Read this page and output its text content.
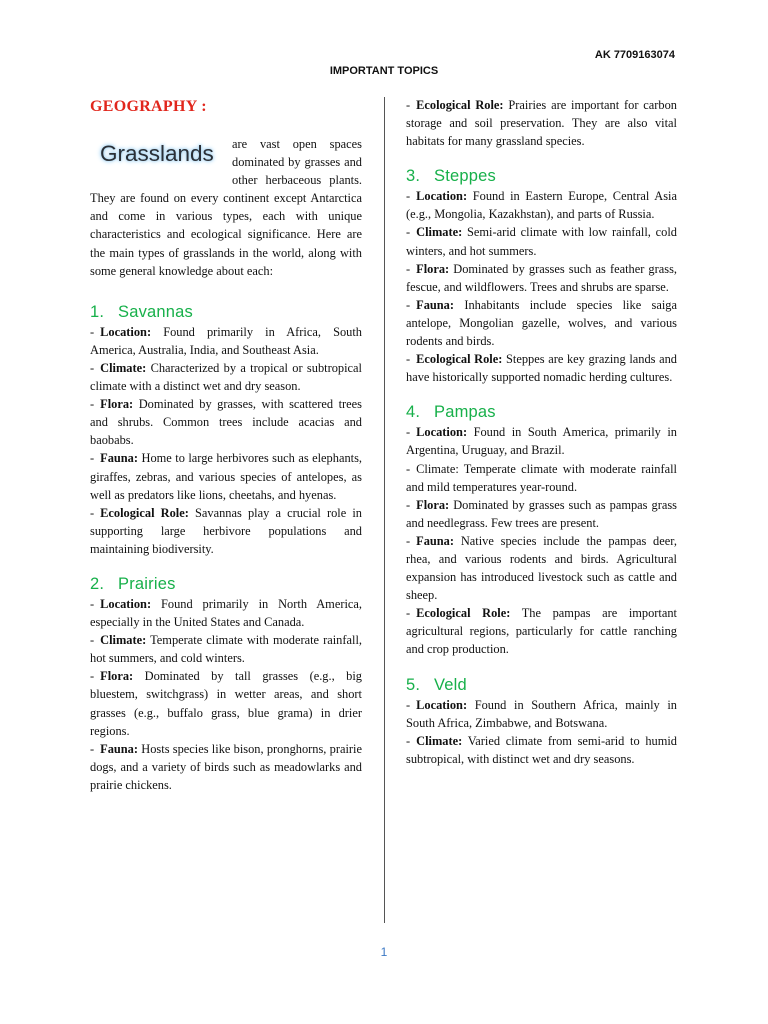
AK 7709163074
IMPORTANT TOPICS
GEOGRAPHY :
Grasslands	are vast open spaces dominated by grasses and other herbaceous plants. They are found on every continent except Antarctica and come in various types, each with unique characteristics and ecological significance. Here are the main types of grasslands in the world, along with some general knowledge about each:

1. Savannas

- Location: Found primarily in Africa, South America, Australia, India, and Southeast Asia.

- Climate: Characterized by a tropical or subtropical climate with a distinct wet and dry season.

- Flora: Dominated by grasses, with scattered trees and shrubs. Common trees include acacias and baobabs.

- Fauna: Home to large herbivores such as elephants, giraffes, zebras, and various species of antelopes, as well as predators like lions, cheetahs, and hyenas.

- Ecological Role: Savannas play a crucial role in supporting large herbivore populations and maintaining biodiversity.

2. Prairies

- Location: Found primarily in North America, especially in the United States and Canada.

- Climate: Temperate climate with moderate rainfall, hot summers, and cold winters.

- Flora: Dominated by tall grasses (e.g., big bluestem, switchgrass) in wetter areas, and short grasses (e.g., buffalo grass, blue grama) in drier regions.

- Fauna: Hosts species like bison, pronghorns, prairie dogs, and a variety of birds such as meadowlarks and prairie chickens.

- Ecological Role: Prairies are important for carbon storage and soil preservation. They are also vital habitats for many grassland species.

3. Steppes

- Location: Found in Eastern Europe, Central Asia (e.g., Mongolia, Kazakhstan), and parts of Russia.

- Climate: Semi-arid climate with low rainfall, cold winters, and hot summers.

- Flora: Dominated by grasses such as feather grass, fescue, and wildflowers. Trees and shrubs are sparse.

- Fauna: Inhabitants include species like saiga antelope, Mongolian gazelle, wolves, and various rodents and birds.

- Ecological Role: Steppes are key grazing lands and have historically supported nomadic herding cultures.

4. Pampas

- Location: Found in South America, primarily in Argentina, Uruguay, and Brazil.

- Climate: Temperate climate with moderate rainfall and mild temperatures year-round.

- Flora: Dominated by grasses such as pampas grass and needlegrass. Few trees are present.

- Fauna: Native species include the pampas deer, rhea, and various rodents and birds. Agricultural expansion has introduced livestock such as cattle and sheep.

- Ecological Role: The pampas are important agricultural regions, particularly for cattle ranching and crop production.

5. Veld

- Location: Found in Southern Africa, mainly in South Africa, Zimbabwe, and Botswana.

- Climate: Varied climate from semi-arid to humid subtropical, with distinct wet and dry seasons.

1
